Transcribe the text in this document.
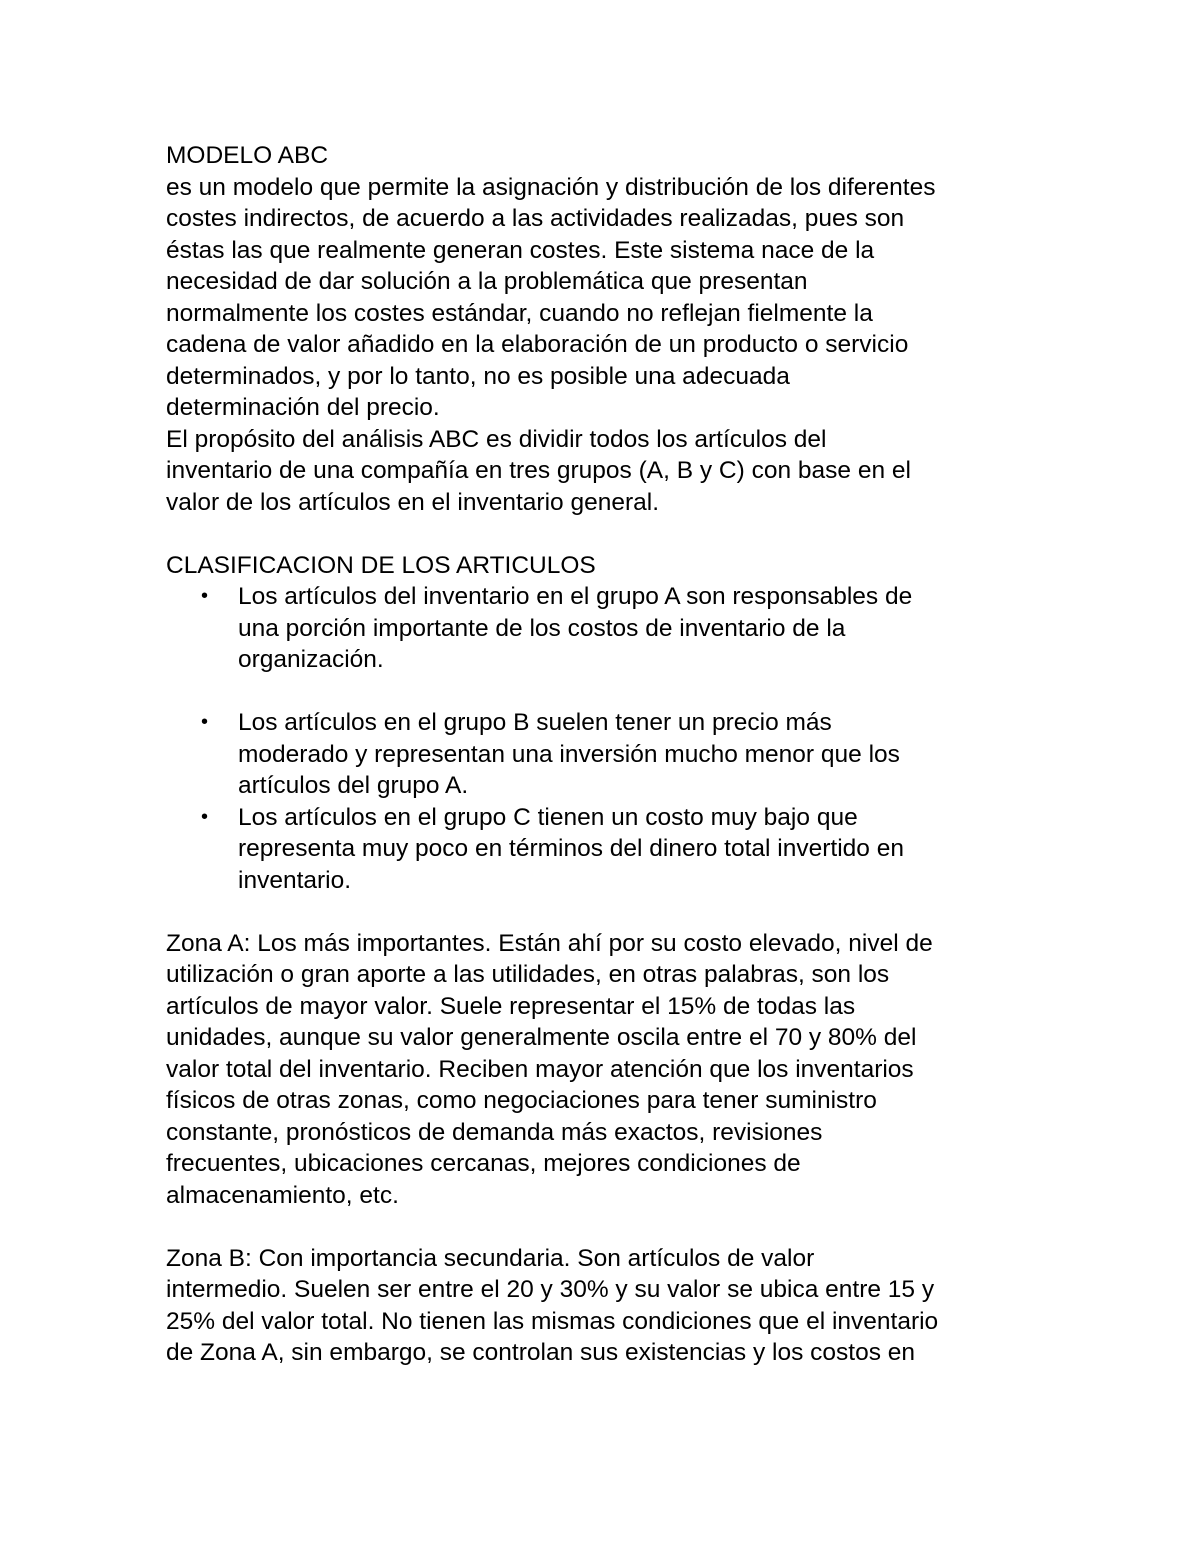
MODELO ABC
es un modelo que permite la asignación y distribución de los diferentes
costes indirectos, de acuerdo a las actividades realizadas, pues son
éstas las que realmente generan costes. Este sistema nace de la
necesidad de dar solución a la problemática que presentan
normalmente los costes estándar, cuando no reflejan fielmente la
cadena de valor añadido en la elaboración de un producto o servicio
determinados, y por lo tanto, no es posible una adecuada
determinación del precio.
El propósito del análisis ABC es dividir todos los artículos del
inventario de una compañía en tres grupos (A, B y C) con base en el
valor de los artículos en el inventario general.
CLASIFICACION DE LOS ARTICULOS
•	Los artículos del inventario en el grupo A son responsables de
una porción importante de los costos de inventario de la
organización.
•	Los artículos en el grupo B suelen tener un precio más
moderado y representan una inversión mucho menor que los
artículos del grupo A.
•	Los artículos en el grupo C tienen un costo muy bajo que
representa muy poco en términos del dinero total invertido en
inventario.
Zona A: Los más importantes. Están ahí por su costo elevado, nivel de
utilización o gran aporte a las utilidades, en otras palabras, son los
artículos de mayor valor. Suele representar el 15% de todas las
unidades, aunque su valor generalmente oscila entre el 70 y 80% del
valor total del inventario. Reciben mayor atención que los inventarios
físicos de otras zonas, como negociaciones para tener suministro
constante, pronósticos de demanda más exactos, revisiones
frecuentes, ubicaciones cercanas, mejores condiciones de
almacenamiento, etc.
Zona B: Con importancia secundaria. Son artículos de valor
intermedio. Suelen ser entre el 20 y 30% y su valor se ubica entre 15 y
25% del valor total. No tienen las mismas condiciones que el inventario
de Zona A, sin embargo, se controlan sus existencias y los costos en
